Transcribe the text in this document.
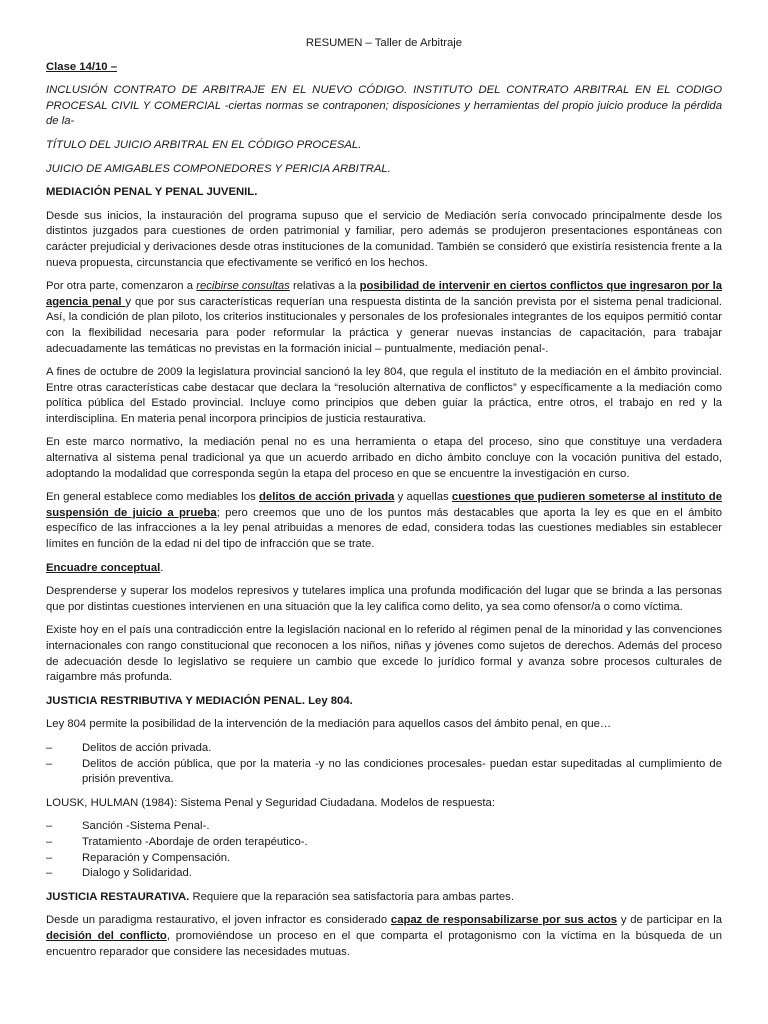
RESUMEN – Taller de Arbitraje

Clase 14/10 –

INCLUSIÓN CONTRATO DE ARBITRAJE EN EL NUEVO CÓDIGO. INSTITUTO DEL CONTRATO ARBITRAL EN EL CODIGO PROCESAL CIVIL Y COMERCIAL -ciertas normas se contraponen; disposiciones y herramientas del propio juicio produce la pérdida de la-

TÍTULO DEL JUICIO ARBITRAL EN EL CÓDIGO PROCESAL.

JUICIO DE AMIGABLES COMPONEDORES Y PERICIA ARBITRAL.

MEDIACIÓN PENAL Y PENAL JUVENIL.

Desde sus inicios, la instauración del programa supuso que el servicio de Mediación sería convocado principalmente desde los distintos juzgados para cuestiones de orden patrimonial y familiar, pero además se produjeron presentaciones espontáneas con carácter prejudicial y derivaciones desde otras instituciones de la comunidad. También se consideró que existiría resistencia frente a la nueva propuesta, circunstancia que efectivamente se verificó en los hechos.

Por otra parte, comenzaron a recibirse consultas relativas a la posibilidad de intervenir en ciertos conflictos que ingresaron por la agencia penal y que por sus características requerían una respuesta distinta de la sanción prevista por el sistema penal tradicional. Así, la condición de plan piloto, los criterios institucionales y personales de los profesionales integrantes de los equipos permitió contar con la flexibilidad necesaria para poder reformular la práctica y generar nuevas instancias de capacitación, para trabajar adecuadamente las temáticas no previstas en la formación inicial – puntualmente, mediación penal-.

A fines de octubre de 2009 la legislatura provincial sancionó la ley 804, que regula el instituto de la mediación en el ámbito provincial. Entre otras características cabe destacar que declara la “resolución alternativa de conflictos” y específicamente a la mediación como política pública del Estado provincial. Incluye como principios que deben guiar la práctica, entre otros, el trabajo en red y la interdisciplina. En materia penal incorpora principios de justicia restaurativa.

En este marco normativo, la mediación penal no es una herramienta o etapa del proceso, sino que constituye una verdadera alternativa al sistema penal tradicional ya que un acuerdo arribado en dicho ámbito concluye con la vocación punitiva del estado, adoptando la modalidad que corresponda según la etapa del proceso en que se encuentre la investigación en curso.

En general establece como mediables los delitos de acción privada y aquellas cuestiones que pudieren someterse al instituto de suspensión de juicio a prueba; pero creemos que uno de los puntos más destacables que aporta la ley es que en el ámbito específico de las infracciones a la ley penal atribuidas a menores de edad, considera todas las cuestiones mediables sin establecer límites en función de la edad ni del tipo de infracción que se trate.

Encuadre conceptual.

Desprenderse y superar los modelos represivos y tutelares implica una profunda modificación del lugar que se brinda a las personas que por distintas cuestiones intervienen en una situación que la ley califica como delito, ya sea como ofensor/a o como víctima.

Existe hoy en el país una contradicción entre la legislación nacional en lo referido al régimen penal de la minoridad y las convenciones internacionales con rango constitucional que reconocen a los niños, niñas y jóvenes como sujetos de derechos. Además del proceso de adecuación desde lo legislativo se requiere un cambio que excede lo jurídico formal y avanza sobre procesos culturales de raigambre más profunda.

JUSTICIA RESTRIBUTIVA Y MEDIACIÓN PENAL. Ley 804.

Ley 804 permite la posibilidad de la intervención de la mediación para aquellos casos del ámbito penal, en que…

–	Delitos de acción privada.
–	Delitos de acción pública, que por la materia -y no las condiciones procesales- puedan estar supeditadas al cumplimiento de prisión preventiva.

LOUSK, HULMAN (1984): Sistema Penal y Seguridad Ciudadana. Modelos de respuesta:

–	Sanción -Sistema Penal-.
–	Tratamiento -Abordaje de orden terapéutico-.
–	Reparación y Compensación.
–	Dialogo y Solidaridad.

JUSTICIA RESTAURATIVA. Requiere que la reparación sea satisfactoria para ambas partes.

Desde un paradigma restaurativo, el joven infractor es considerado capaz de responsabilizarse por sus actos y de participar en la decisión del conflicto, promoviéndose un proceso en el que comparta el protagonismo con la víctima en la búsqueda de un encuentro reparador que considere las necesidades mutuas.
